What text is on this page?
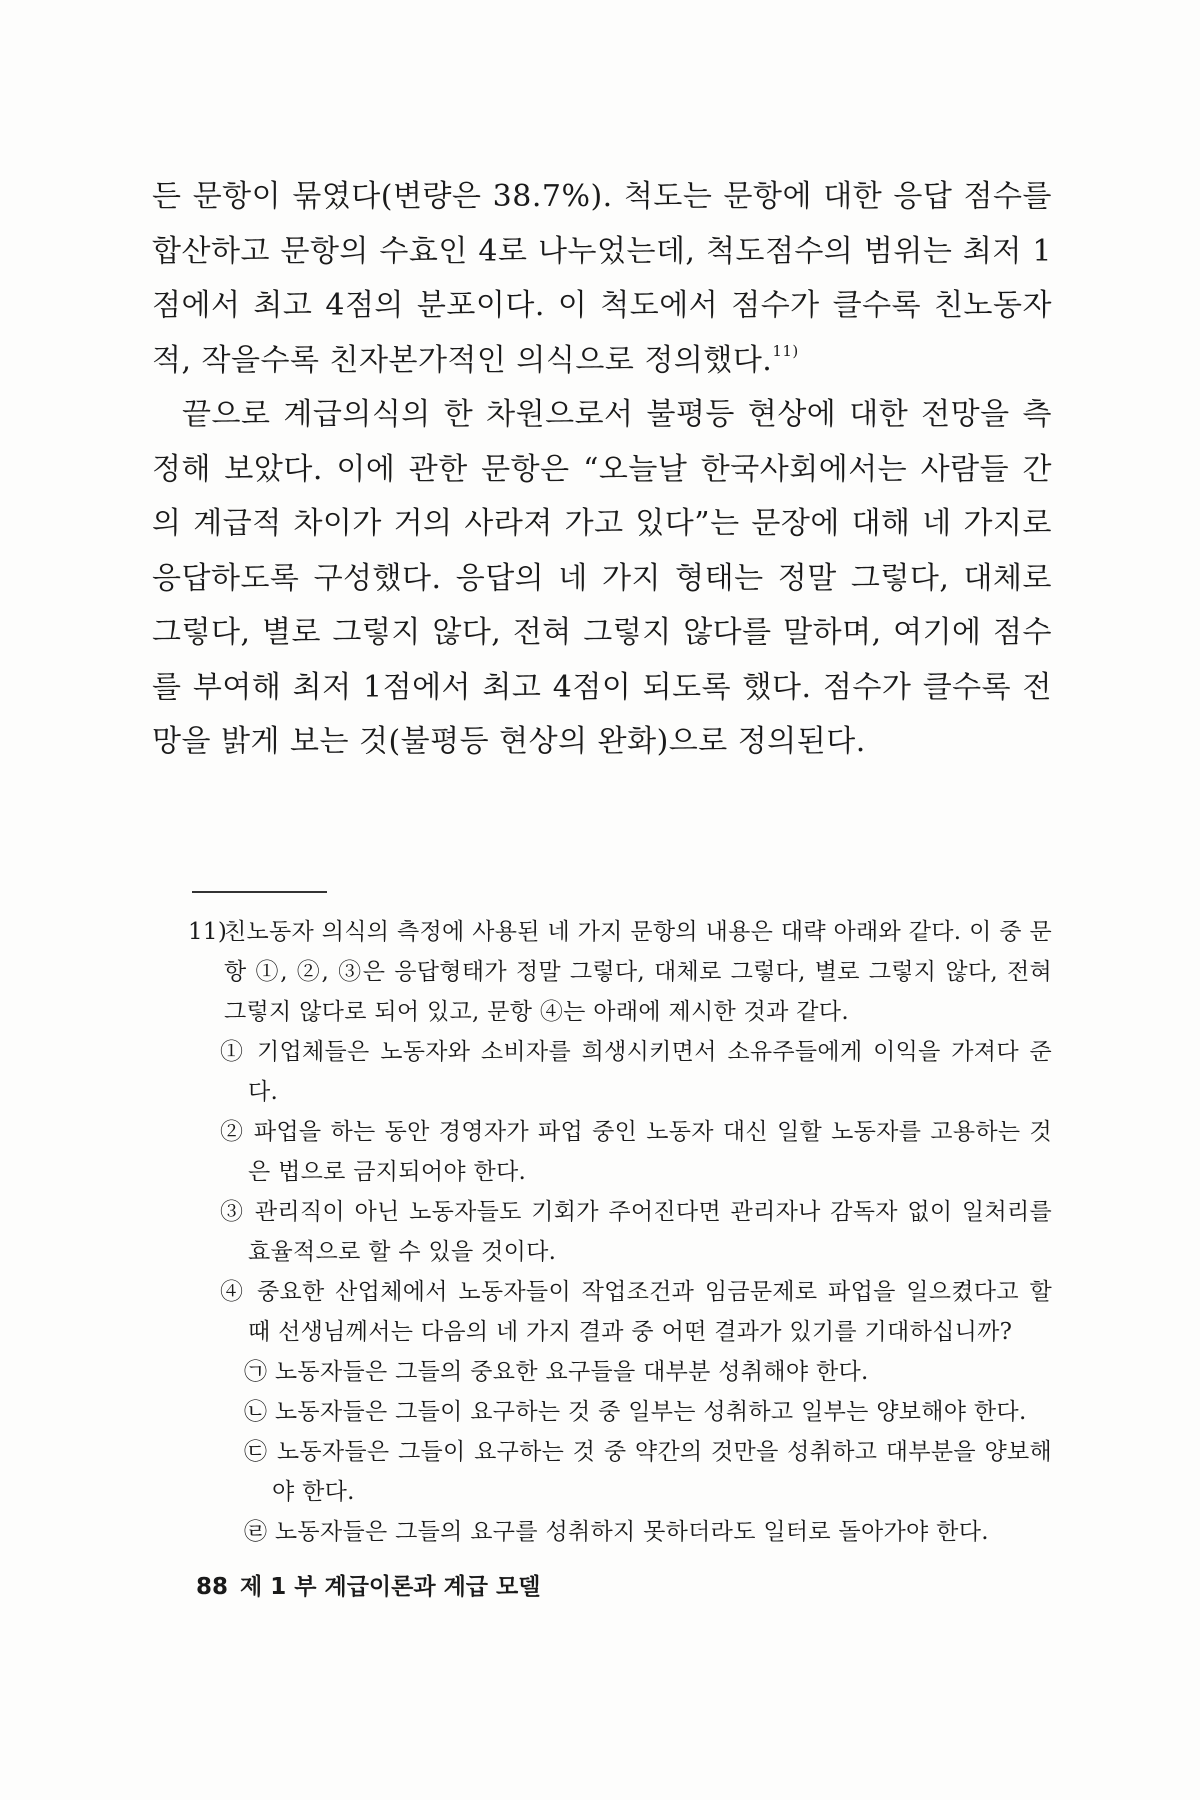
든 문항이 묶였다(변량은 38.7%). 척도는 문항에 대한 응답 점수를 합산하고 문항의 수효인 4로 나누었는데, 척도점수의 범위는 최저 1점에서 최고 4점의 분포이다. 이 척도에서 점수가 클수록 친노동자적, 작을수록 친자본가적인 의식으로 정의했다.$^{11)}$

끝으로 계급의식의 한 차원으로서 불평등 현상에 대한 전망을 측정해 보았다. 이에 관한 문항은 “오늘날 한국사회에서는 사람들 간의 계급적 차이가 거의 사라져 가고 있다”는 문장에 대해 네 가지로 응답하도록 구성했다. 응답의 네 가지 형태는 정말 그렇다, 대체로 그렇다, 별로 그렇지 않다, 전혀 그렇지 않다를 말하며, 여기에 점수를 부여해 최저 1점에서 최고 4점이 되도록 했다. 점수가 클수록 전망을 밝게 보는 것(불평등 현상의 완화)으로 정의된다.

11)친노동자 의식의 측정에 사용된 네 가지 문항의 내용은 대략 아래와 같다. 이 중 문항 ①, ②, ③은 응답형태가 정말 그렇다, 대체로 그렇다, 별로 그렇지 않다, 전혀 그렇지 않다로 되어 있고, 문항 ④는 아래에 제시한 것과 같다.

① 기업체들은 노동자와 소비자를 희생시키면서 소유주들에게 이익을 가져다 준다.

② 파업을 하는 동안 경영자가 파업 중인 노동자 대신 일할 노동자를 고용하는 것은 법으로 금지되어야 한다.

③ 관리직이 아닌 노동자들도 기회가 주어진다면 관리자나 감독자 없이 일처리를 효율적으로 할 수 있을 것이다.

④ 중요한 산업체에서 노동자들이 작업조건과 임금문제로 파업을 일으켰다고 할 때 선생님께서는 다음의 네 가지 결과 중 어떤 결과가 있기를 기대하십니까?

㉠ 노동자들은 그들의 중요한 요구들을 대부분 성취해야 한다.

㉡ 노동자들은 그들이 요구하는 것 중 일부는 성취하고 일부는 양보해야 한다.

㉢ 노동자들은 그들이 요구하는 것 중 약간의 것만을 성취하고 대부분을 양보해야 한다.

㉣ 노동자들은 그들의 요구를 성취하지 못하더라도 일터로 돌아가야 한다.

88 제 1 부 계급이론과 계급 모델
